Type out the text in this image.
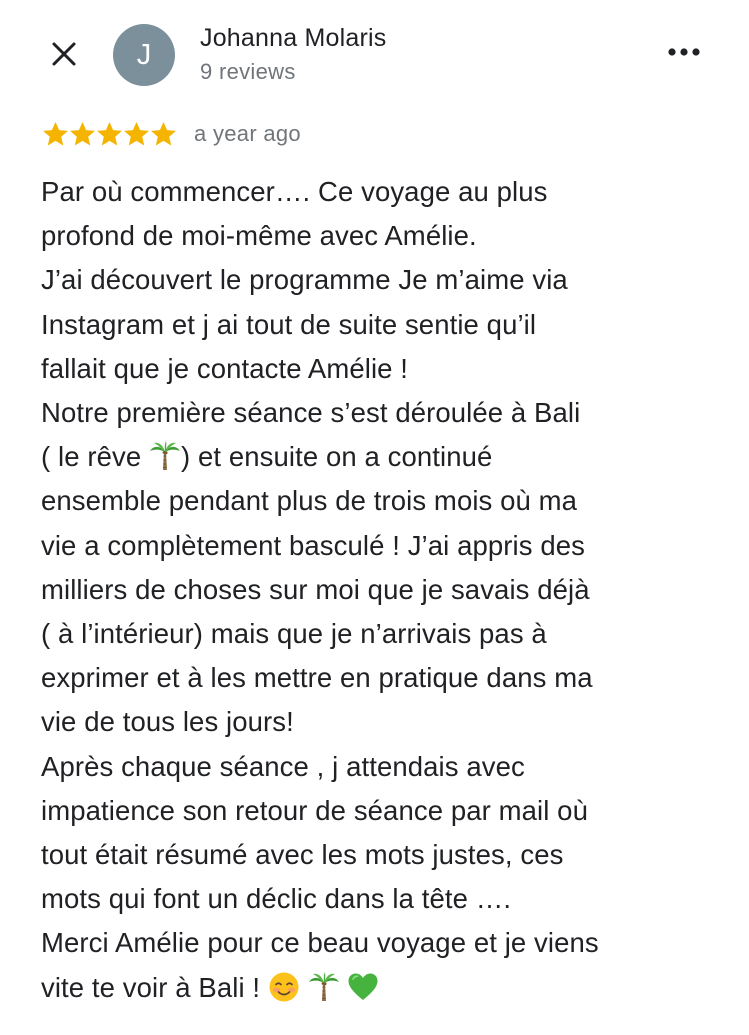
J
Johanna Molaris
9 reviews
a year ago
Par où commencer…. Ce voyage au plus
profond de moi-même avec Amélie.
J’ai découvert le programme Je m’aime via
Instagram et j ai tout de suite sentie qu’il
fallait que je contacte Amélie !
Notre première séance s’est déroulée à Bali
( le rêve ) et ensuite on a continué
ensemble pendant plus de trois mois où ma
vie a complètement basculé ! J’ai appris des
milliers de choses sur moi que je savais déjà
( à l’intérieur) mais que je n’arrivais pas à
exprimer et à les mettre en pratique dans ma
vie de tous les jours!
Après chaque séance , j attendais avec
impatience son retour de séance par mail où
tout était résumé avec les mots justes, ces
mots qui font un déclic dans la tête ….
Merci Amélie pour ce beau voyage et je viens
vite te voir à Bali !
